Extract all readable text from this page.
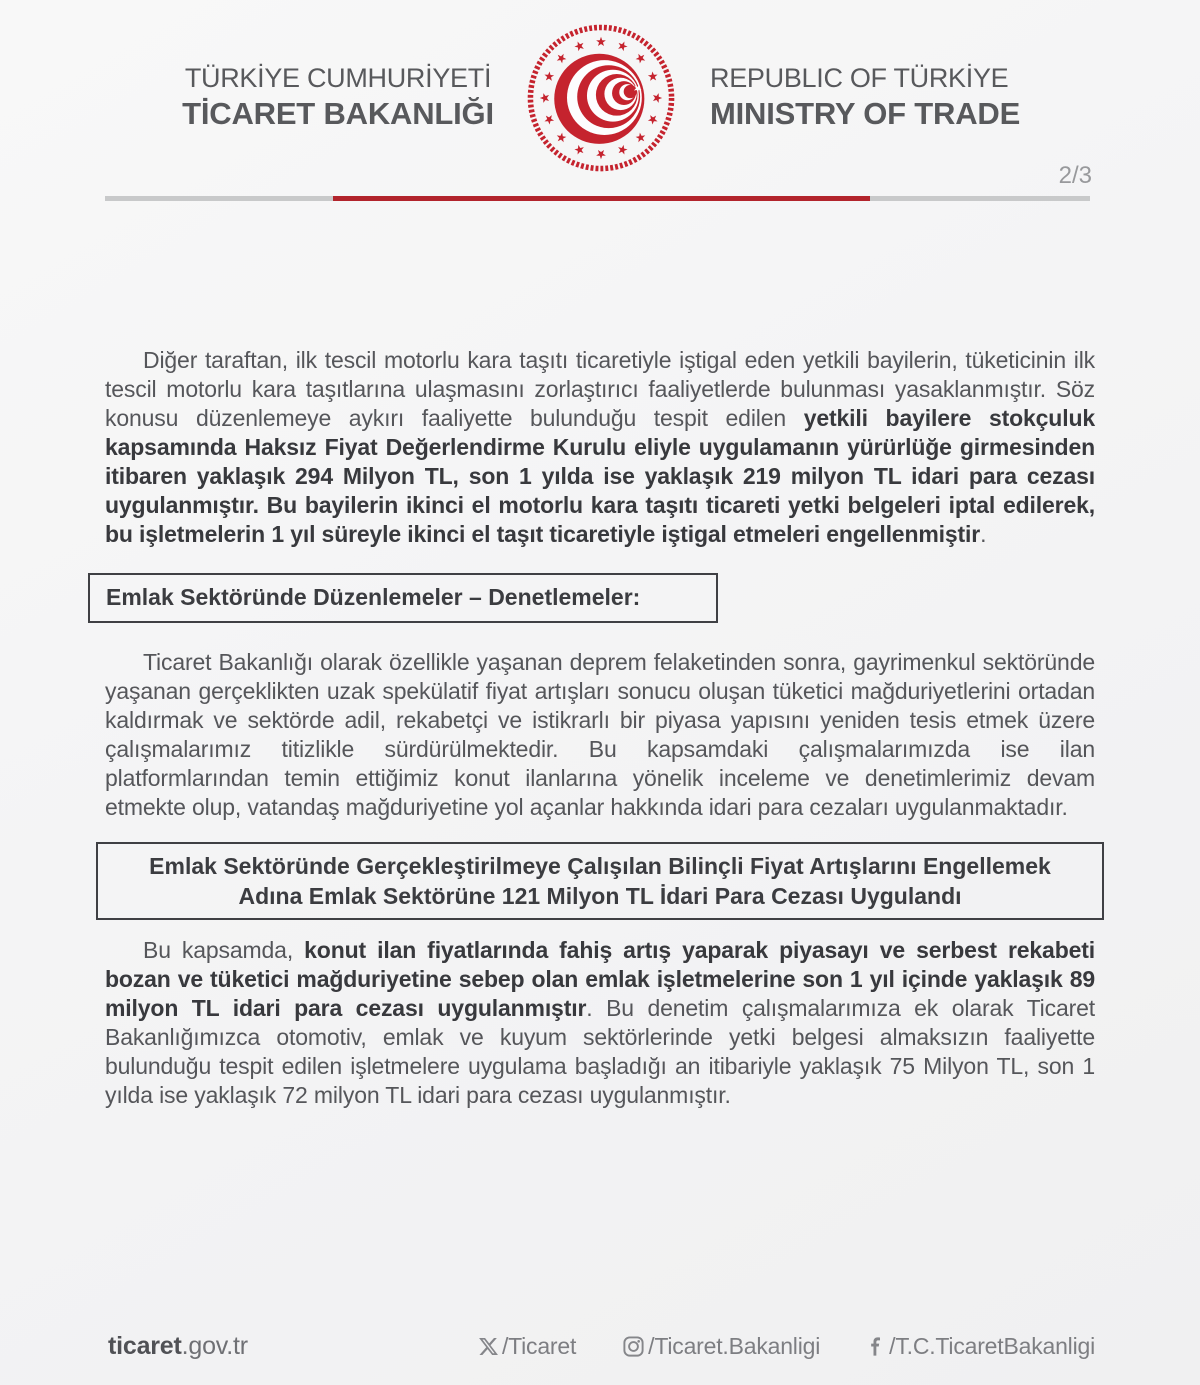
TÜRKİYE CUMHURİYETİ
TİCARET BAKANLIĞI
REPUBLIC OF TÜRKİYE
MINISTRY OF TRADE
2/3

Diğer taraftan, ilk tescil motorlu kara taşıtı ticaretiyle iştigal eden yetkili bayilerin, tüketicinin ilk tescil motorlu kara taşıtlarına ulaşmasını zorlaştırıcı faaliyetlerde bulunması yasaklanmıştır. Söz konusu düzenlemeye aykırı faaliyette bulunduğu tespit edilen yetkili bayilere stokçuluk kapsamında Haksız Fiyat Değerlendirme Kurulu eliyle uygulamanın yürürlüğe girmesinden itibaren yaklaşık 294 Milyon TL, son 1 yılda ise yaklaşık 219 milyon TL idari para cezası uygulanmıştır. Bu bayilerin ikinci el motorlu kara taşıtı ticareti yetki belgeleri iptal edilerek, bu işletmelerin 1 yıl süreyle ikinci el taşıt ticaretiyle iştigal etmeleri engellenmiştir.

Emlak Sektöründe Düzenlemeler – Denetlemeler:

Ticaret Bakanlığı olarak özellikle yaşanan deprem felaketinden sonra, gayrimenkul sektöründe yaşanan gerçeklikten uzak spekülatif fiyat artışları sonucu oluşan tüketici mağduriyetlerini ortadan kaldırmak ve sektörde adil, rekabetçi ve istikrarlı bir piyasa yapısını yeniden tesis etmek üzere çalışmalarımız titizlikle sürdürülmektedir. Bu kapsamdaki çalışmalarımızda ise ilan platformlarından temin ettiğimiz konut ilanlarına yönelik inceleme ve denetimlerimiz devam etmekte olup, vatandaş mağduriyetine yol açanlar hakkında idari para cezaları uygulanmaktadır.

Emlak Sektöründe Gerçekleştirilmeye Çalışılan Bilinçli Fiyat Artışlarını Engellemek
Adına Emlak Sektörüne 121 Milyon TL İdari Para Cezası Uygulandı

Bu kapsamda, konut ilan fiyatlarında fahiş artış yaparak piyasayı ve serbest rekabeti bozan ve tüketici mağduriyetine sebep olan emlak işletmelerine son 1 yıl içinde yaklaşık 89 milyon TL idari para cezası uygulanmıştır. Bu denetim çalışmalarımıza ek olarak Ticaret Bakanlığımızca otomotiv, emlak ve kuyum sektörlerinde yetki belgesi almaksızın faaliyette bulunduğu tespit edilen işletmelere uygulama başladığı an itibariyle yaklaşık 75 Milyon TL, son 1 yılda ise yaklaşık 72 milyon TL idari para cezası uygulanmıştır.

ticaret.gov.tr	/Ticaret	/Ticaret.Bakanligi	/T.C.TicaretBakanligi
